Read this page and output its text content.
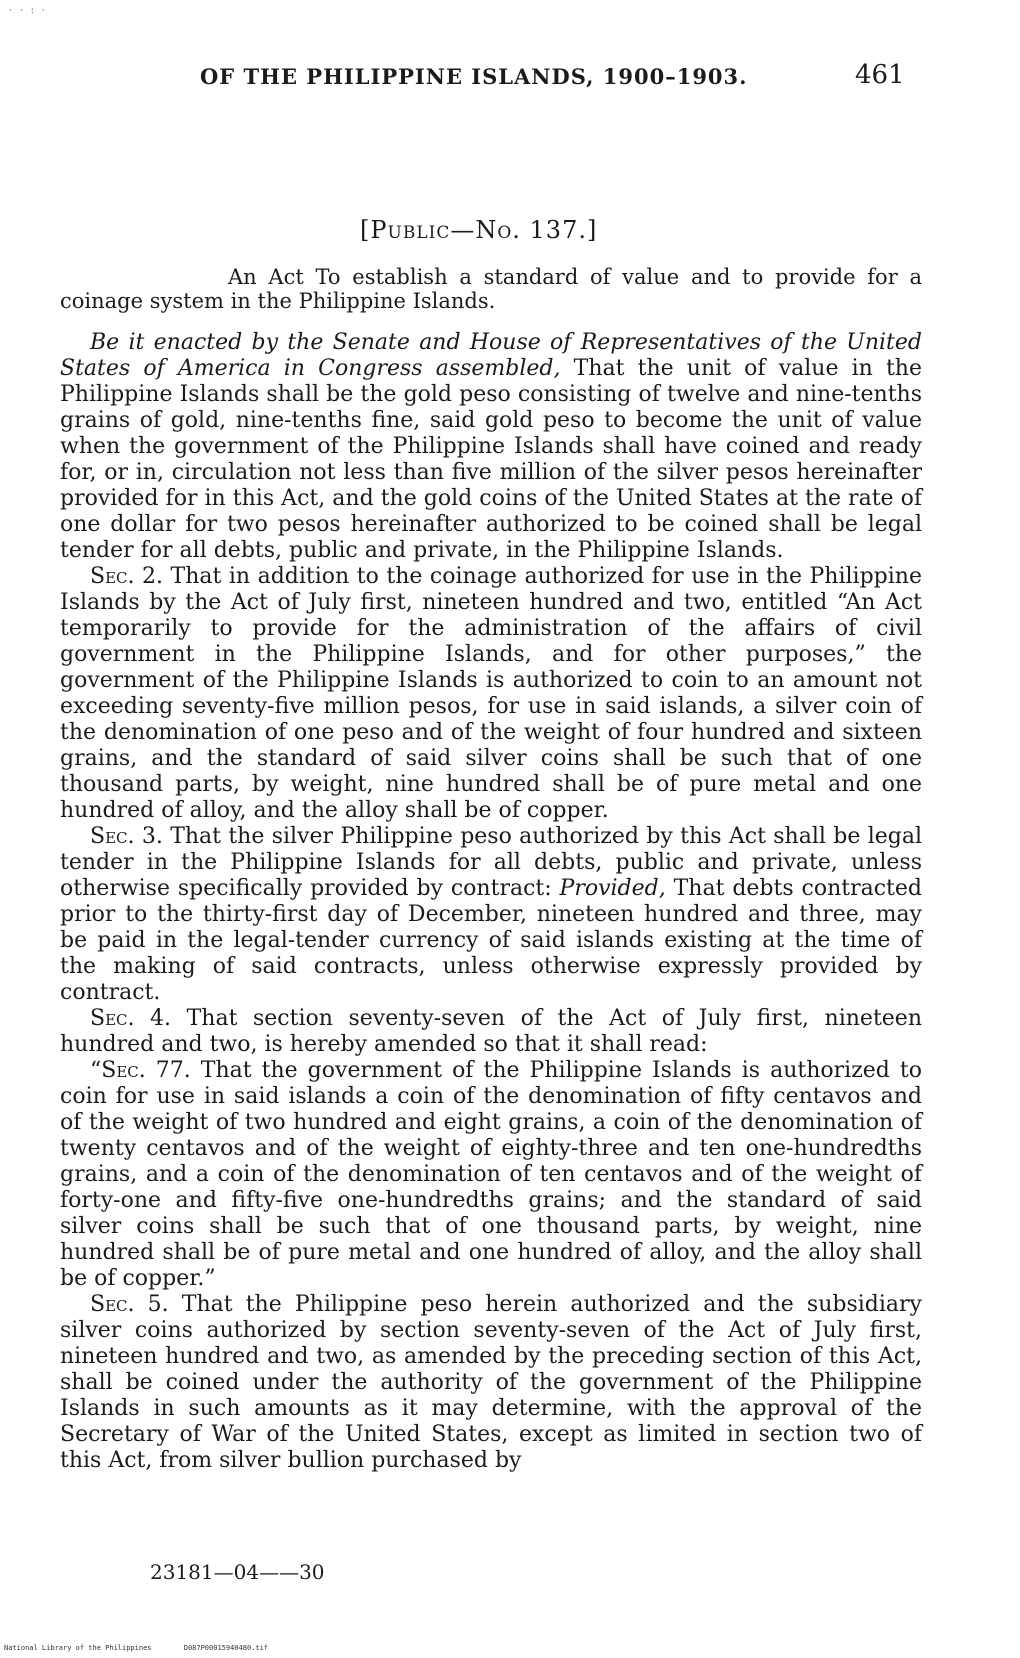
· · : ·
OF THE PHILIPPINE ISLANDS, 1900–1903.	461
[Public—No. 137.]

An Act To establish a standard of value and to provide for a coinage system in the Philippine Islands.

Be it enacted by the Senate and House of Representatives of the United States of America in Congress assembled, That the unit of value in the Philippine Islands shall be the gold peso consisting of twelve and nine-tenths grains of gold, nine-tenths fine, said gold peso to become the unit of value when the government of the Philippine Islands shall have coined and ready for, or in, circulation not less than five million of the silver pesos hereinafter provided for in this Act, and the gold coins of the United States at the rate of one dollar for two pesos hereinafter authorized to be coined shall be legal tender for all debts, public and private, in the Philippine Islands.

Sec. 2. That in addition to the coinage authorized for use in the Philippine Islands by the Act of July first, nineteen hundred and two, entitled “An Act temporarily to provide for the administration of the affairs of civil government in the Philippine Islands, and for other purposes,” the government of the Philippine Islands is authorized to coin to an amount not exceeding seventy-five million pesos, for use in said islands, a silver coin of the denomination of one peso and of the weight of four hundred and sixteen grains, and the standard of said silver coins shall be such that of one thousand parts, by weight, nine hundred shall be of pure metal and one hundred of alloy, and the alloy shall be of copper.

Sec. 3. That the silver Philippine peso authorized by this Act shall be legal tender in the Philippine Islands for all debts, public and private, unless otherwise specifically provided by contract: Provided, That debts contracted prior to the thirty-first day of December, nineteen hundred and three, may be paid in the legal-tender currency of said islands existing at the time of the making of said contracts, unless otherwise expressly provided by contract.

Sec. 4. That section seventy-seven of the Act of July first, nineteen hundred and two, is hereby amended so that it shall read:

“Sec. 77. That the government of the Philippine Islands is authorized to coin for use in said islands a coin of the denomination of fifty centavos and of the weight of two hundred and eight grains, a coin of the denomination of twenty centavos and of the weight of eighty-three and ten one-hundredths grains, and a coin of the denomination of ten centavos and of the weight of forty-one and fifty-five one-hundredths grains; and the standard of said silver coins shall be such that of one thousand parts, by weight, nine hundred shall be of pure metal and one hundred of alloy, and the alloy shall be of copper.”

Sec. 5. That the Philippine peso herein authorized and the subsidiary silver coins authorized by section seventy-seven of the Act of July first, nineteen hundred and two, as amended by the preceding section of this Act, shall be coined under the authority of the government of the Philippine Islands in such amounts as it may determine, with the approval of the Secretary of War of the United States, except as limited in section two of this Act, from silver bullion purchased by

23181—04——30
National Library of the Philippines	D087P00015940480.tif
